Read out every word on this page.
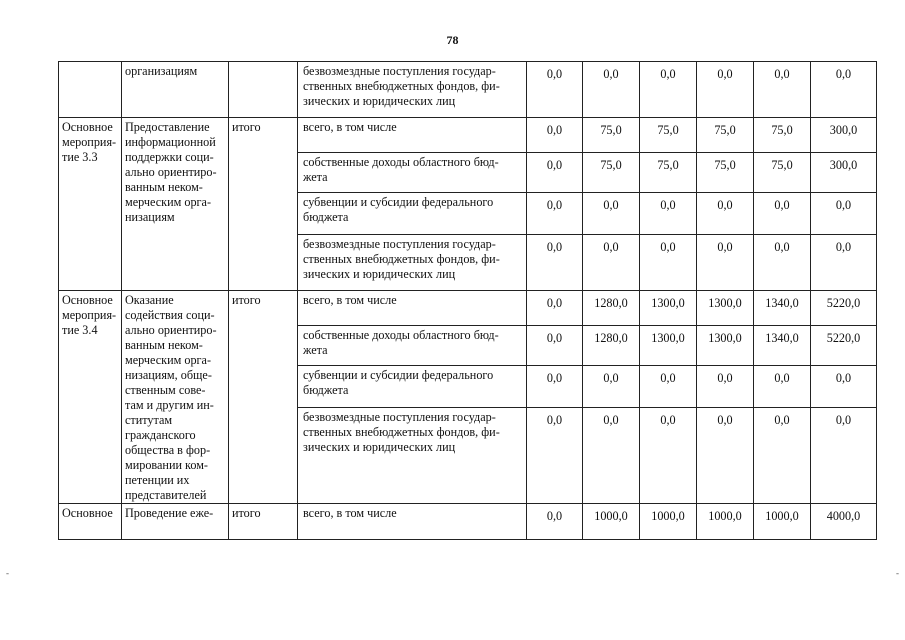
78
	организациям		безвозмездные поступления государ- ственных внебюджетных фондов, фи- зических и юридических лиц	0,0	0,0	0,0	0,0	0,0	0,0
Основное мероприя- тие 3.3	Предоставление информационной поддержки соци- ально ориентиро- ванным неком- мерческим орга- низациям	итого	всего, в том числе	0,0	75,0	75,0	75,0	75,0	300,0
			собственные доходы областного бюд- жета	0,0	75,0	75,0	75,0	75,0	300,0
			субвенции и субсидии федерального бюджета	0,0	0,0	0,0	0,0	0,0	0,0
			безвозмездные поступления государ- ственных внебюджетных фондов, фи- зических и юридических лиц	0,0	0,0	0,0	0,0	0,0	0,0
Основное мероприя- тие 3.4	Оказание содействия соци- ально ориентиро- ванным неком- мерческим орга- низациям, обще- ственным сове- там и другим ин- ститутам гражданского общества в фор- мировании ком- петенции их представителей	итого	всего, в том числе	0,0	1280,0	1300,0	1300,0	1340,0	5220,0
			собственные доходы областного бюд- жета	0,0	1280,0	1300,0	1300,0	1340,0	5220,0
			субвенции и субсидии федерального бюджета	0,0	0,0	0,0	0,0	0,0	0,0
			безвозмездные поступления государ- ственных внебюджетных фондов, фи- зических и юридических лиц	0,0	0,0	0,0	0,0	0,0	0,0
Основное	Проведение еже-	итого	всего, в том числе	0,0	1000,0	1000,0	1000,0	1000,0	4000,0
-	-
